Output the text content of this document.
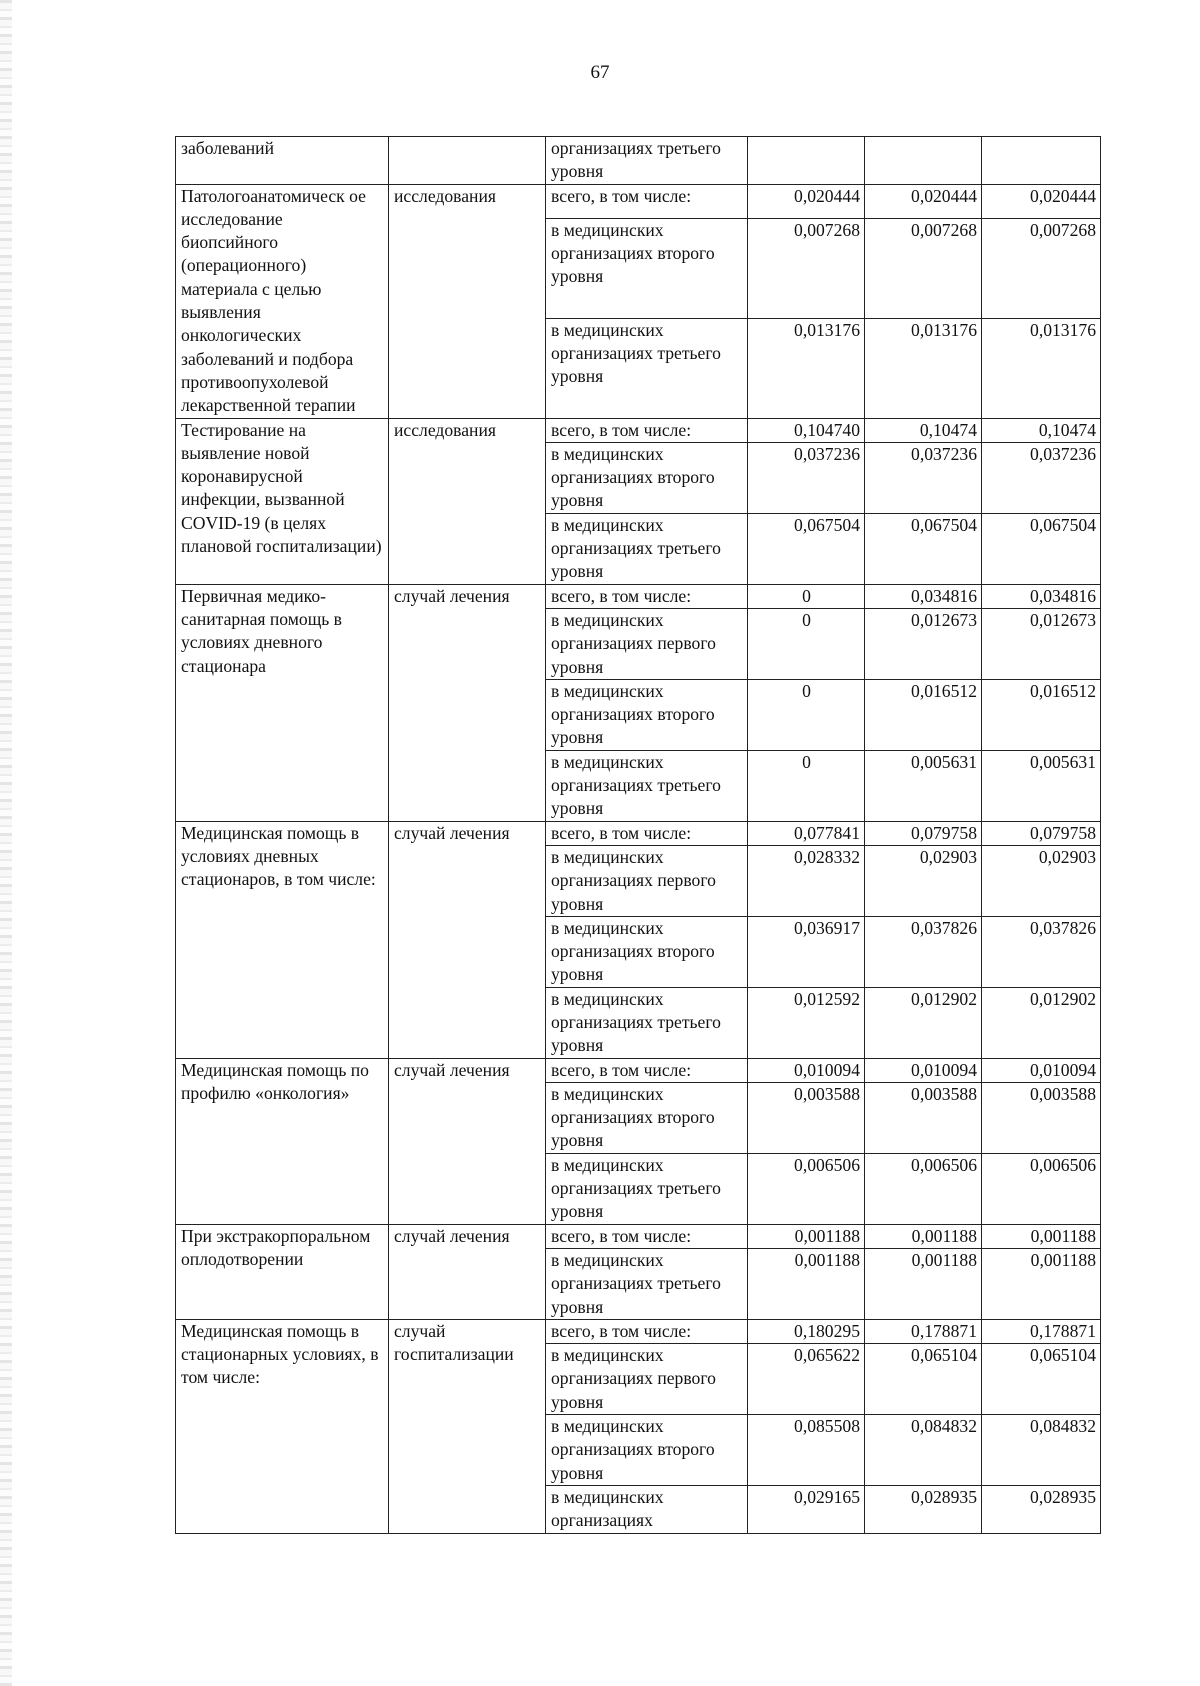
67
заболеваний		организациях третьего уровня			
Патологоанатомическ ое исследование биопсийного (операционного) материала с целью выявления онкологических заболеваний и подбора противоопухолевой лекарственной терапии	исследования	всего, в том числе:	0,020444	0,020444	0,020444
		в медицинских организациях второго уровня	0,007268	0,007268	0,007268
		в медицинских организациях третьего уровня	0,013176	0,013176	0,013176
Тестирование на выявление новой коронавирусной инфекции, вызванной COVID-19 (в целях плановой госпитализации)	исследования	всего, в том числе:	0,104740	0,10474	0,10474
		в медицинских организациях второго уровня	0,037236	0,037236	0,037236
		в медицинских организациях третьего уровня	0,067504	0,067504	0,067504
Первичная медико-санитарная помощь в условиях дневного стационара	случай лечения	всего, в том числе:	0	0,034816	0,034816
		в медицинских организациях первого уровня	0	0,012673	0,012673
		в медицинских организациях второго уровня	0	0,016512	0,016512
		в медицинских организациях третьего уровня	0	0,005631	0,005631
Медицинская помощь в условиях дневных стационаров, в том числе:	случай лечения	всего, в том числе:	0,077841	0,079758	0,079758
		в медицинских организациях первого уровня	0,028332	0,02903	0,02903
		в медицинских организациях второго уровня	0,036917	0,037826	0,037826
		в медицинских организациях третьего уровня	0,012592	0,012902	0,012902
Медицинская помощь по профилю «онкология»	случай лечения	всего, в том числе:	0,010094	0,010094	0,010094
		в медицинских организациях второго уровня	0,003588	0,003588	0,003588
		в медицинских организациях третьего уровня	0,006506	0,006506	0,006506
При экстракорпоральном оплодотворении	случай лечения	всего, в том числе:	0,001188	0,001188	0,001188
		в медицинских организациях третьего уровня	0,001188	0,001188	0,001188
Медицинская помощь в стационарных условиях, в том числе:	случай госпитализации	всего, в том числе:	0,180295	0,178871	0,178871
		в медицинских организациях первого уровня	0,065622	0,065104	0,065104
		в медицинских организациях второго уровня	0,085508	0,084832	0,084832
		в медицинских организациях	0,029165	0,028935	0,028935
